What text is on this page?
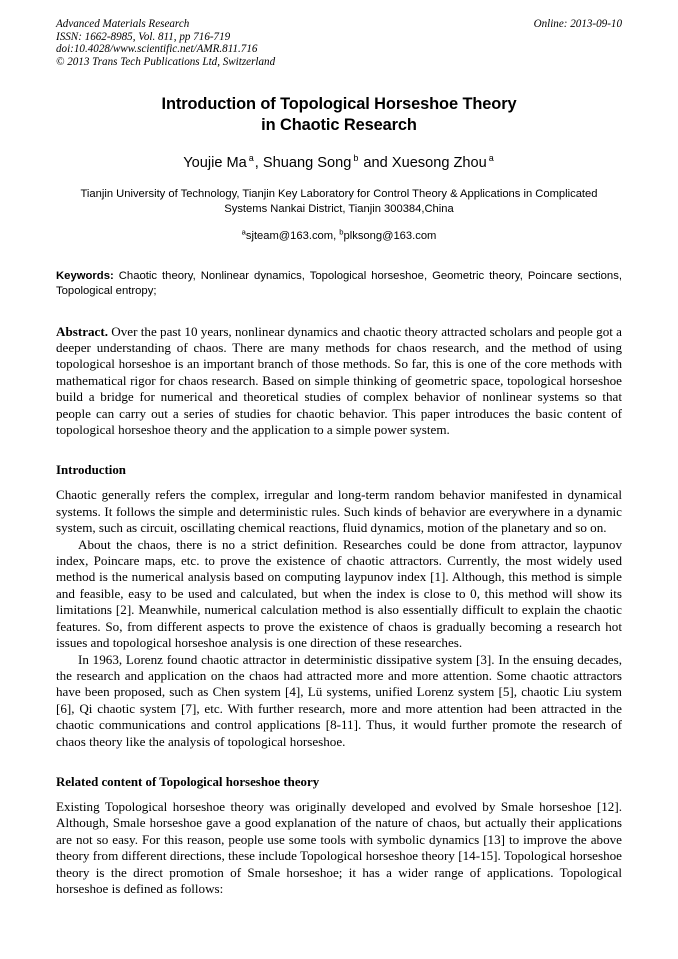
Advanced Materials Research
ISSN: 1662-8985, Vol. 811, pp 716-719
doi:10.4028/www.scientific.net/AMR.811.716
© 2013 Trans Tech Publications Ltd, Switzerland
Online: 2013-09-10
Introduction of Topological Horseshoe Theory
in Chaotic Research
Youjie Ma $^a$, Shuang Song $^b$ and Xuesong Zhou $^a$
Tianjin University of Technology, Tianjin Key Laboratory for Control Theory & Applications in Complicated Systems Nankai District, Tianjin 300384,China
$^a$sjteam@163.com, $^b$plksong@163.com
Keywords: Chaotic theory, Nonlinear dynamics, Topological horseshoe, Geometric theory, Poincare sections, Topological entropy;
Abstract. Over the past 10 years, nonlinear dynamics and chaotic theory attracted scholars and people got a deeper understanding of chaos. There are many methods for chaos research, and the method of using topological horseshoe is an important branch of those methods. So far, this is one of the core methods with mathematical rigor for chaos research. Based on simple thinking of geometric space, topological horseshoe build a bridge for numerical and theoretical studies of complex behavior of nonlinear systems so that people can carry out a series of studies for chaotic behavior. This paper introduces the basic content of topological horseshoe theory and the application to a simple power system.
Introduction
Chaotic generally refers the complex, irregular and long-term random behavior manifested in dynamical systems. It follows the simple and deterministic rules. Such kinds of behavior are everywhere in a dynamic system, such as circuit, oscillating chemical reactions, fluid dynamics, motion of the planetary and so on.
About the chaos, there is no a strict definition. Researches could be done from attractor, laypunov index, Poincare maps, etc. to prove the existence of chaotic attractors. Currently, the most widely used method is the numerical analysis based on computing laypunov index [1]. Although, this method is simple and feasible, easy to be used and calculated, but when the index is close to 0, this method will show its limitations [2]. Meanwhile, numerical calculation method is also essentially difficult to explain the chaotic features. So, from different aspects to prove the existence of chaos is gradually becoming a research hot issues and topological horseshoe analysis is one direction of these researches.
In 1963, Lorenz found chaotic attractor in deterministic dissipative system [3]. In the ensuing decades, the research and application on the chaos had attracted more and more attention. Some chaotic attractors have been proposed, such as Chen system [4], Lü systems, unified Lorenz system [5], chaotic Liu system [6], Qi chaotic system [7], etc. With further research, more and more attention had been attracted in the chaotic communications and control applications [8-11]. Thus, it would further promote the research of chaos theory like the analysis of topological horseshoe.
Related content of Topological horseshoe theory
Existing Topological horseshoe theory was originally developed and evolved by Smale horseshoe [12]. Although, Smale horseshoe gave a good explanation of the nature of chaos, but actually their applications are not so easy. For this reason, people use some tools with symbolic dynamics [13] to improve the above theory from different directions, these include Topological horseshoe theory [14-15]. Topological horseshoe theory is the direct promotion of Smale horseshoe; it has a wider range of applications. Topological horseshoe is defined as follows:
